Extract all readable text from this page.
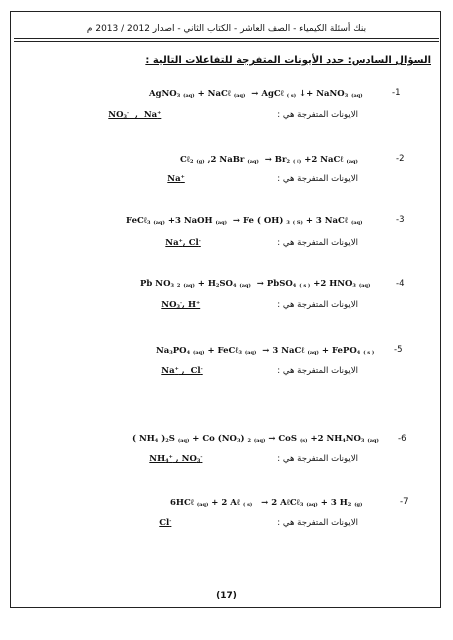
بنك أسئلة الكيمياء - الصف العاشر - الكتاب الثاني - اصدار 2012 / 2013 م
السؤال السادس: حدد الأيونات المتفرجة للتفاعلات التالية :
AgNO$_3$ $_{(aq)}$ + NaCℓ $_{(aq)}$  → AgCℓ $_{( s)}$ ↓+ NaNO$_3$ $_{(aq)}$	-1
الايونات المتفرجة هي :
$NO_3^-$  ,  Na+
Cℓ$_2$ $_{(g)}$ ,2 NaBr $_{(aq)} \to Br_2$ $_{( \ell)}$ +2 NaCℓ $_{(aq)}$	-2
الايونات المتفرجة هي :
Na+
FeCℓ$_3$ $_{(aq)}$ +3 NaOH $_{(aq)}$  → Fe ( OH) $_3$ $_{( S)}$ + 3 NaCℓ $_{(aq)}$	-3
الايونات المتفرجة هي :
Na+, Cl-
Pb $NO_3$ $_2$ $_{(aq)} + H_2SO_4$ $_{(aq)}$  → PbSO$_4$ $_{( s )}$ +2 $HNO_3$ $_{(aq)}$	-4
الايونات المتفرجة هي :
$NO_3^-$, H+
$Na_3PO_4$ $_{(aq)}$ + FeCℓ$_3$ $_{(aq)}$  → 3 NaCℓ $_{(aq)}$ + FePO$_4$ $_{( s )}$ -5
الايونات المتفرجة هي :
Na+ ,  Cl-
( $NH_4$ )$_2S$ $_{(aq)}$ + Co $(NO_3)$ $_2$ $_{(aq)}$ → CoS $_{(s)}$ +2 $NH_4NO_3$ $_{(aq)}$ -6
الايونات المتفرجة هي :
$NH_4^+$ , $NO_3^-$
6HCℓ $_{(aq)}$ + 2 Aℓ $_{( s)}$   → 2 AℓCℓ$_3$ $_{(aq)}$ + 3 $H_2$ $_{(g)}$	-7
الايونات المتفرجة هي :
Cl-
(17)
